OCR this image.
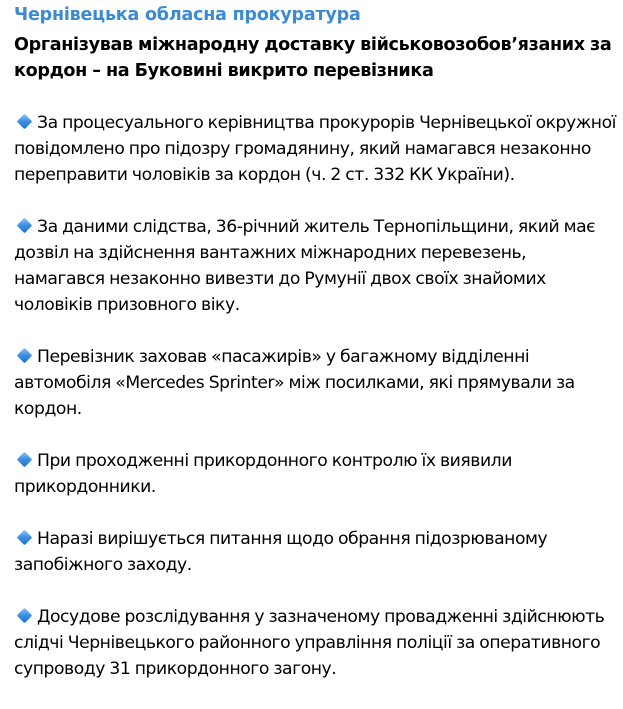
Чернівецька обласна прокуратура
Організував міжнародну доставку військовозобов’язаних за кордон – на Буковині викрито перевізника
За процесуального керівництва прокурорів Чернівецької окружної повідомлено про підозру громадянину, який намагався незаконно переправити чоловіків за кордон (ч. 2 ст. 332 КК України).
За даними слідства, 36-річний житель Тернопільщини, який має дозвіл на здійснення вантажних міжнародних перевезень, намагався незаконно вивезти до Румунії двох своїх знайомих чоловіків призовного віку.
Перевізник заховав «пасажирів» у багажному відділенні автомобіля «Mercedes Sprinter» між посилками, які прямували за кордон.
При проходженні прикордонного контролю їх виявили прикордонники.
Наразі вирішується питання щодо обрання підозрюваному запобіжного заходу.
Досудове розслідування у зазначеному провадженні здійснюють слідчі Чернівецького районного управління поліції за оперативного супроводу 31 прикордонного загону.
